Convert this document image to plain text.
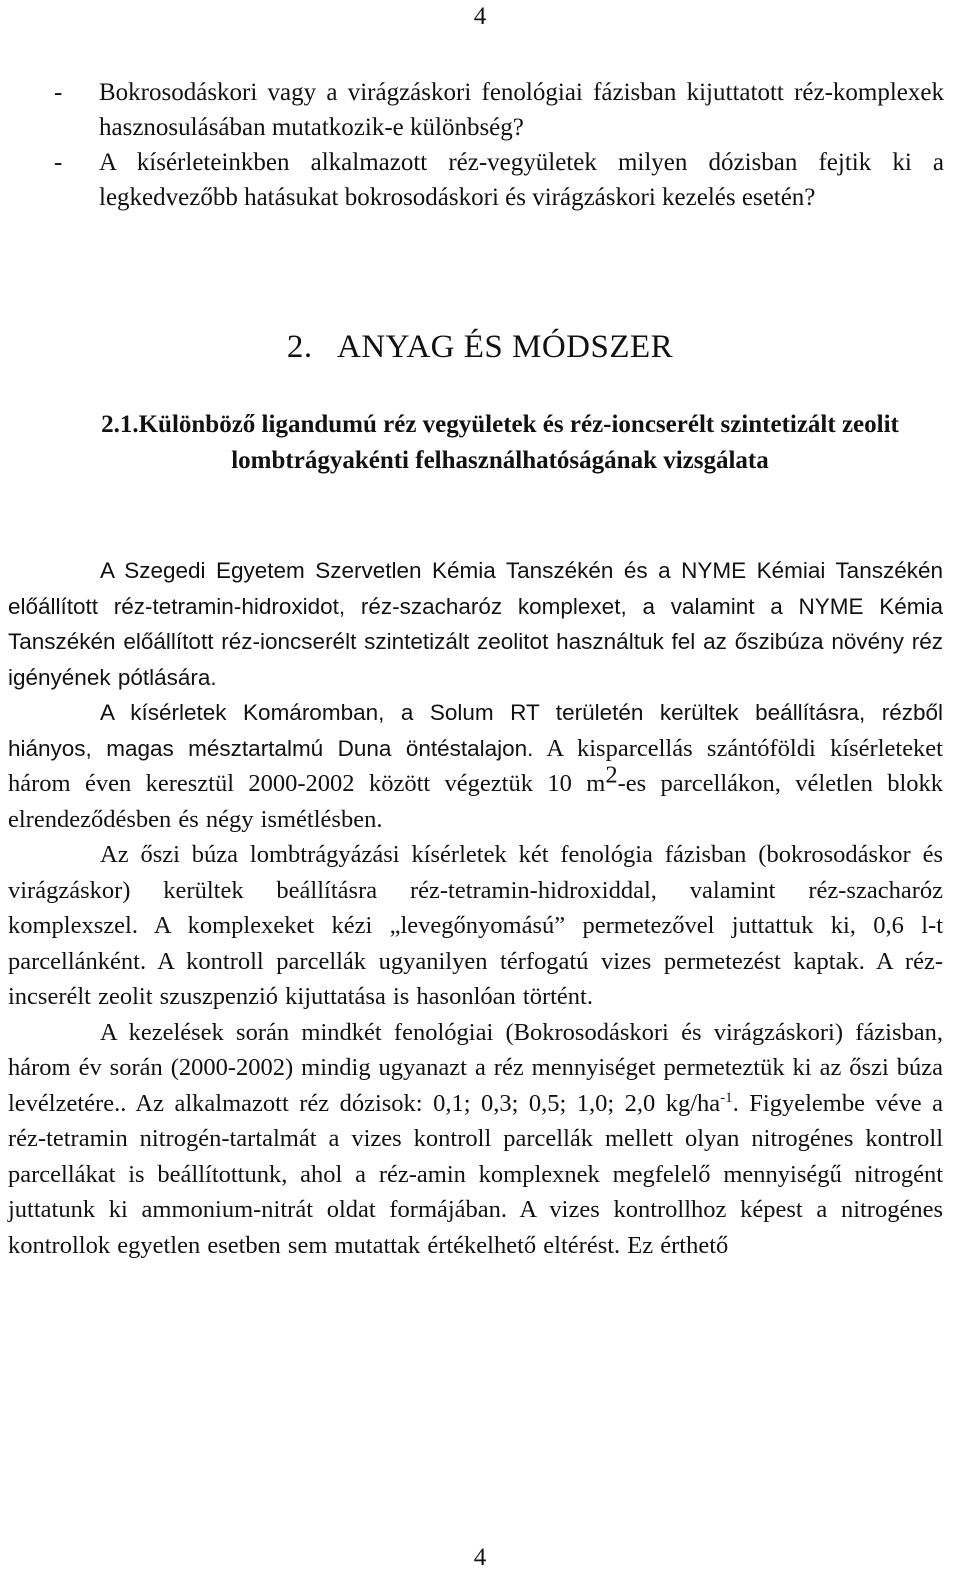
4
-	Bokrosodáskori vagy a virágzáskori fenológiai fázisban kijuttatott réz-komplexek hasznosulásában mutatkozik-e különbség?
-	A kísérleteinkben alkalmazott réz-vegyületek milyen dózisban fejtik ki a legkedvezőbb hatásukat bokrosodáskori és virágzáskori kezelés esetén?
2.   ANYAG ÉS MÓDSZER
2.1.Különböző ligandumú réz vegyületek és réz-ioncserélt szintetizált zeolit lombtrágyakénti felhasználhatóságának vizsgálata

A Szegedi Egyetem Szervetlen Kémia Tanszékén és a NYME Kémiai Tanszékén előállított réz-tetramin-hidroxidot, réz-szacharóz komplexet, a valamint a NYME Kémia Tanszékén előállított réz-ioncserélt szintetizált zeolitot használtuk fel az őszibúza növény réz igényének pótlására.

A kísérletek Komáromban, a Solum RT területén kerültek beállításra, rézből hiányos, magas mésztartalmú Duna öntéstalajon. A kisparcellás szántóföldi kísérleteket három éven keresztül 2000-2002 között végeztük 10 $m^2-es$ parcellákon, véletlen blokk elrendeződésben és négy ismétlésben.

Az őszi búza lombtrágyázási kísérletek két fenológia fázisban (bokrosodáskor és virágzáskor) kerültek beállításra réz-tetramin-hidroxiddal, valamint réz-szacharóz komplexszel. A komplexeket kézi „levegőnyomású” permetezővel juttattuk ki, 0,6 l-t parcellánként. A kontroll parcellák ugyanilyen térfogatú vizes permetezést kaptak. A réz-incserélt zeolit szuszpenzió kijuttatása is hasonlóan történt.

A kezelések során mindkét fenológiai (Bokrosodáskori és virágzáskori) fázisban, három év során (2000-2002) mindig ugyanazt a réz mennyiséget permeteztük ki az őszi búza levélzetére.. Az alkalmazott réz dózisok: 0,1; 0,3; 0,5; 1,0; 2,0 $kg/ha^{-1}$. Figyelembe véve a réz-tetramin nitrogén-tartalmát a vizes kontroll parcellák mellett olyan nitrogénes kontroll parcellákat is beállítottunk, ahol a réz-amin komplexnek megfelelő mennyiségű nitrogént juttatunk ki ammonium-nitrát oldat formájában. A vizes kontrollhoz képest a nitrogénes kontrollok egyetlen esetben sem mutattak értékelhető eltérést. Ez érthető

4
